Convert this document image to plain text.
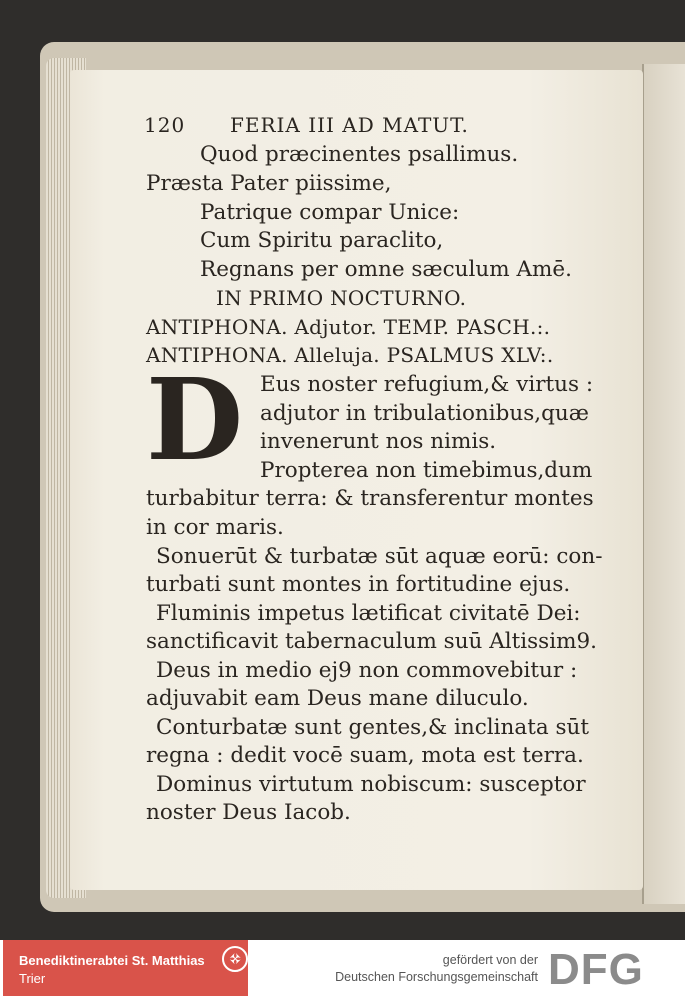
120 FERIA III AD MATUT.
Quod præcinentes psallimus.
Præsta Pater piissime,
Patrique compar Unice:
Cum Spiritu paraclito,
Regnans per omne sæculum Amē.
IN PRIMO NOCTURNO.
ANTIPHONA. Adjutor. TEMP. PASCH.:.
ANTIPHONA. Alleluja. PSALMUS XLV:.
D Eus noster refugium,& virtus :
adjutor in tribulationibus,quæ
invenerunt nos nimis.
Propterea non timebimus,dum
turbabitur terra: & transferentur montes
in cor maris.
Sonuerūt & turbatæ sūt aquæ eorū: con-
turbati sunt montes in fortitudine ejus.
Fluminis impetus lætificat civitatē Dei:
sanctificavit tabernaculum suū Altissim9.
Deus in medio ej9 non commovebitur :
adjuvabit eam Deus mane diluculo.
Conturbatæ sunt gentes,& inclinata sūt
regna : dedit vocē suam, mota est terra.
Dominus virtutum nobiscum: susceptor
noster Deus Iacob.
Benediktinerabtei St. Matthias
Trier
✠	gefördert von der
Deutschen Forschungsgemeinschaft DFG
